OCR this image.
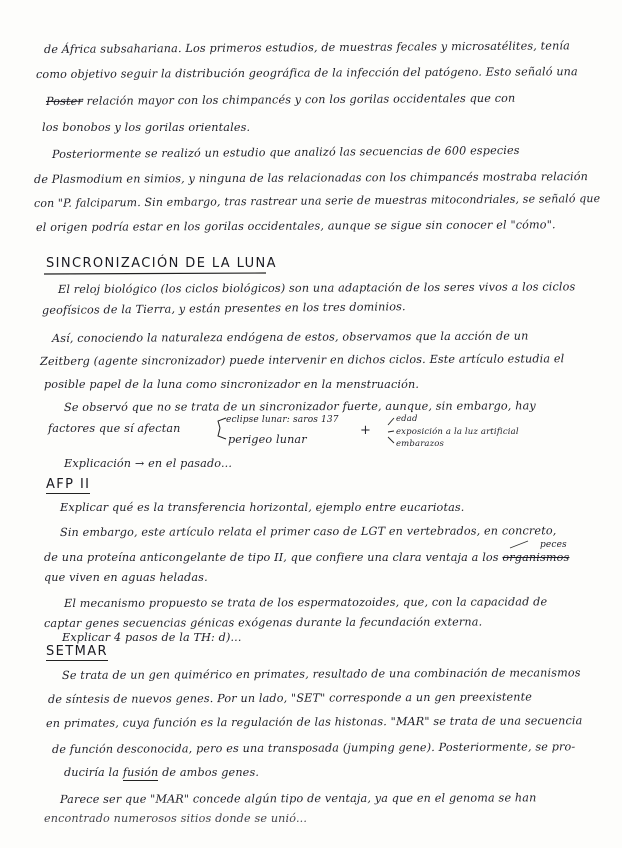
de África subsahariana. Los primeros estudios, de muestras fecales y microsatélites, tenía
como objetivo seguir la distribución geográfica de la infección del patógeno. Esto señaló una
Poster relación mayor con los chimpancés y con los gorilas occidentales que con
los bonobos y los gorilas orientales.
Posteriormente se realizó un estudio que analizó las secuencias de 600 especies
de Plasmodium en simios, y ninguna de las relacionadas con los chimpancés mostraba relación
con "P. falciparum. Sin embargo, tras rastrear una serie de muestras mitocondriales, se señaló que
el origen podría estar en los gorilas occidentales, aunque se sigue sin conocer el "cómo".
SINCRONIZACIÓN DE LA LUNA
El reloj biológico (los ciclos biológicos) son una adaptación de los seres vivos a los ciclos
geofísicos de la Tierra, y están presentes en los tres dominios.
Así, conociendo la naturaleza endógena de estos, observamos que la acción de un
Zeitberg (agente sincronizador) puede intervenir en dichos ciclos. Este artículo estudia el
posible papel de la luna como sincronizador en la menstruación.
Se observó que no se trata de un sincronizador fuerte, aunque, sin embargo, hay
factores que sí afectan
eclipse lunar: saros 137
perigeo lunar
+
edad
exposición a la luz artificial
embarazos
Explicación → en el pasado...
AFP II
Explicar qué es la transferencia horizontal, ejemplo entre eucariotas.
Sin embargo, este artículo relata el primer caso de LGT en vertebrados, en concreto,
peces
de una proteína anticongelante de tipo II, que confiere una clara ventaja a los organismos
que viven en aguas heladas.
El mecanismo propuesto se trata de los espermatozoides, que, con la capacidad de
captar genes secuencias génicas exógenas durante la fecundación externa.
Explicar 4 pasos de la TH: d)...
SETMAR
Se trata de un gen quimérico en primates, resultado de una combinación de mecanismos
de síntesis de nuevos genes. Por un lado, "SET" corresponde a un gen preexistente
en primates, cuya función es la regulación de las histonas. "MAR" se trata de una secuencia
de función desconocida, pero es una transposada (jumping gene). Posteriormente, se pro-
duciría la fusión de ambos genes.
Parece ser que "MAR" concede algún tipo de ventaja, ya que en el genoma se han
encontrado numerosos sitios donde se unió...
